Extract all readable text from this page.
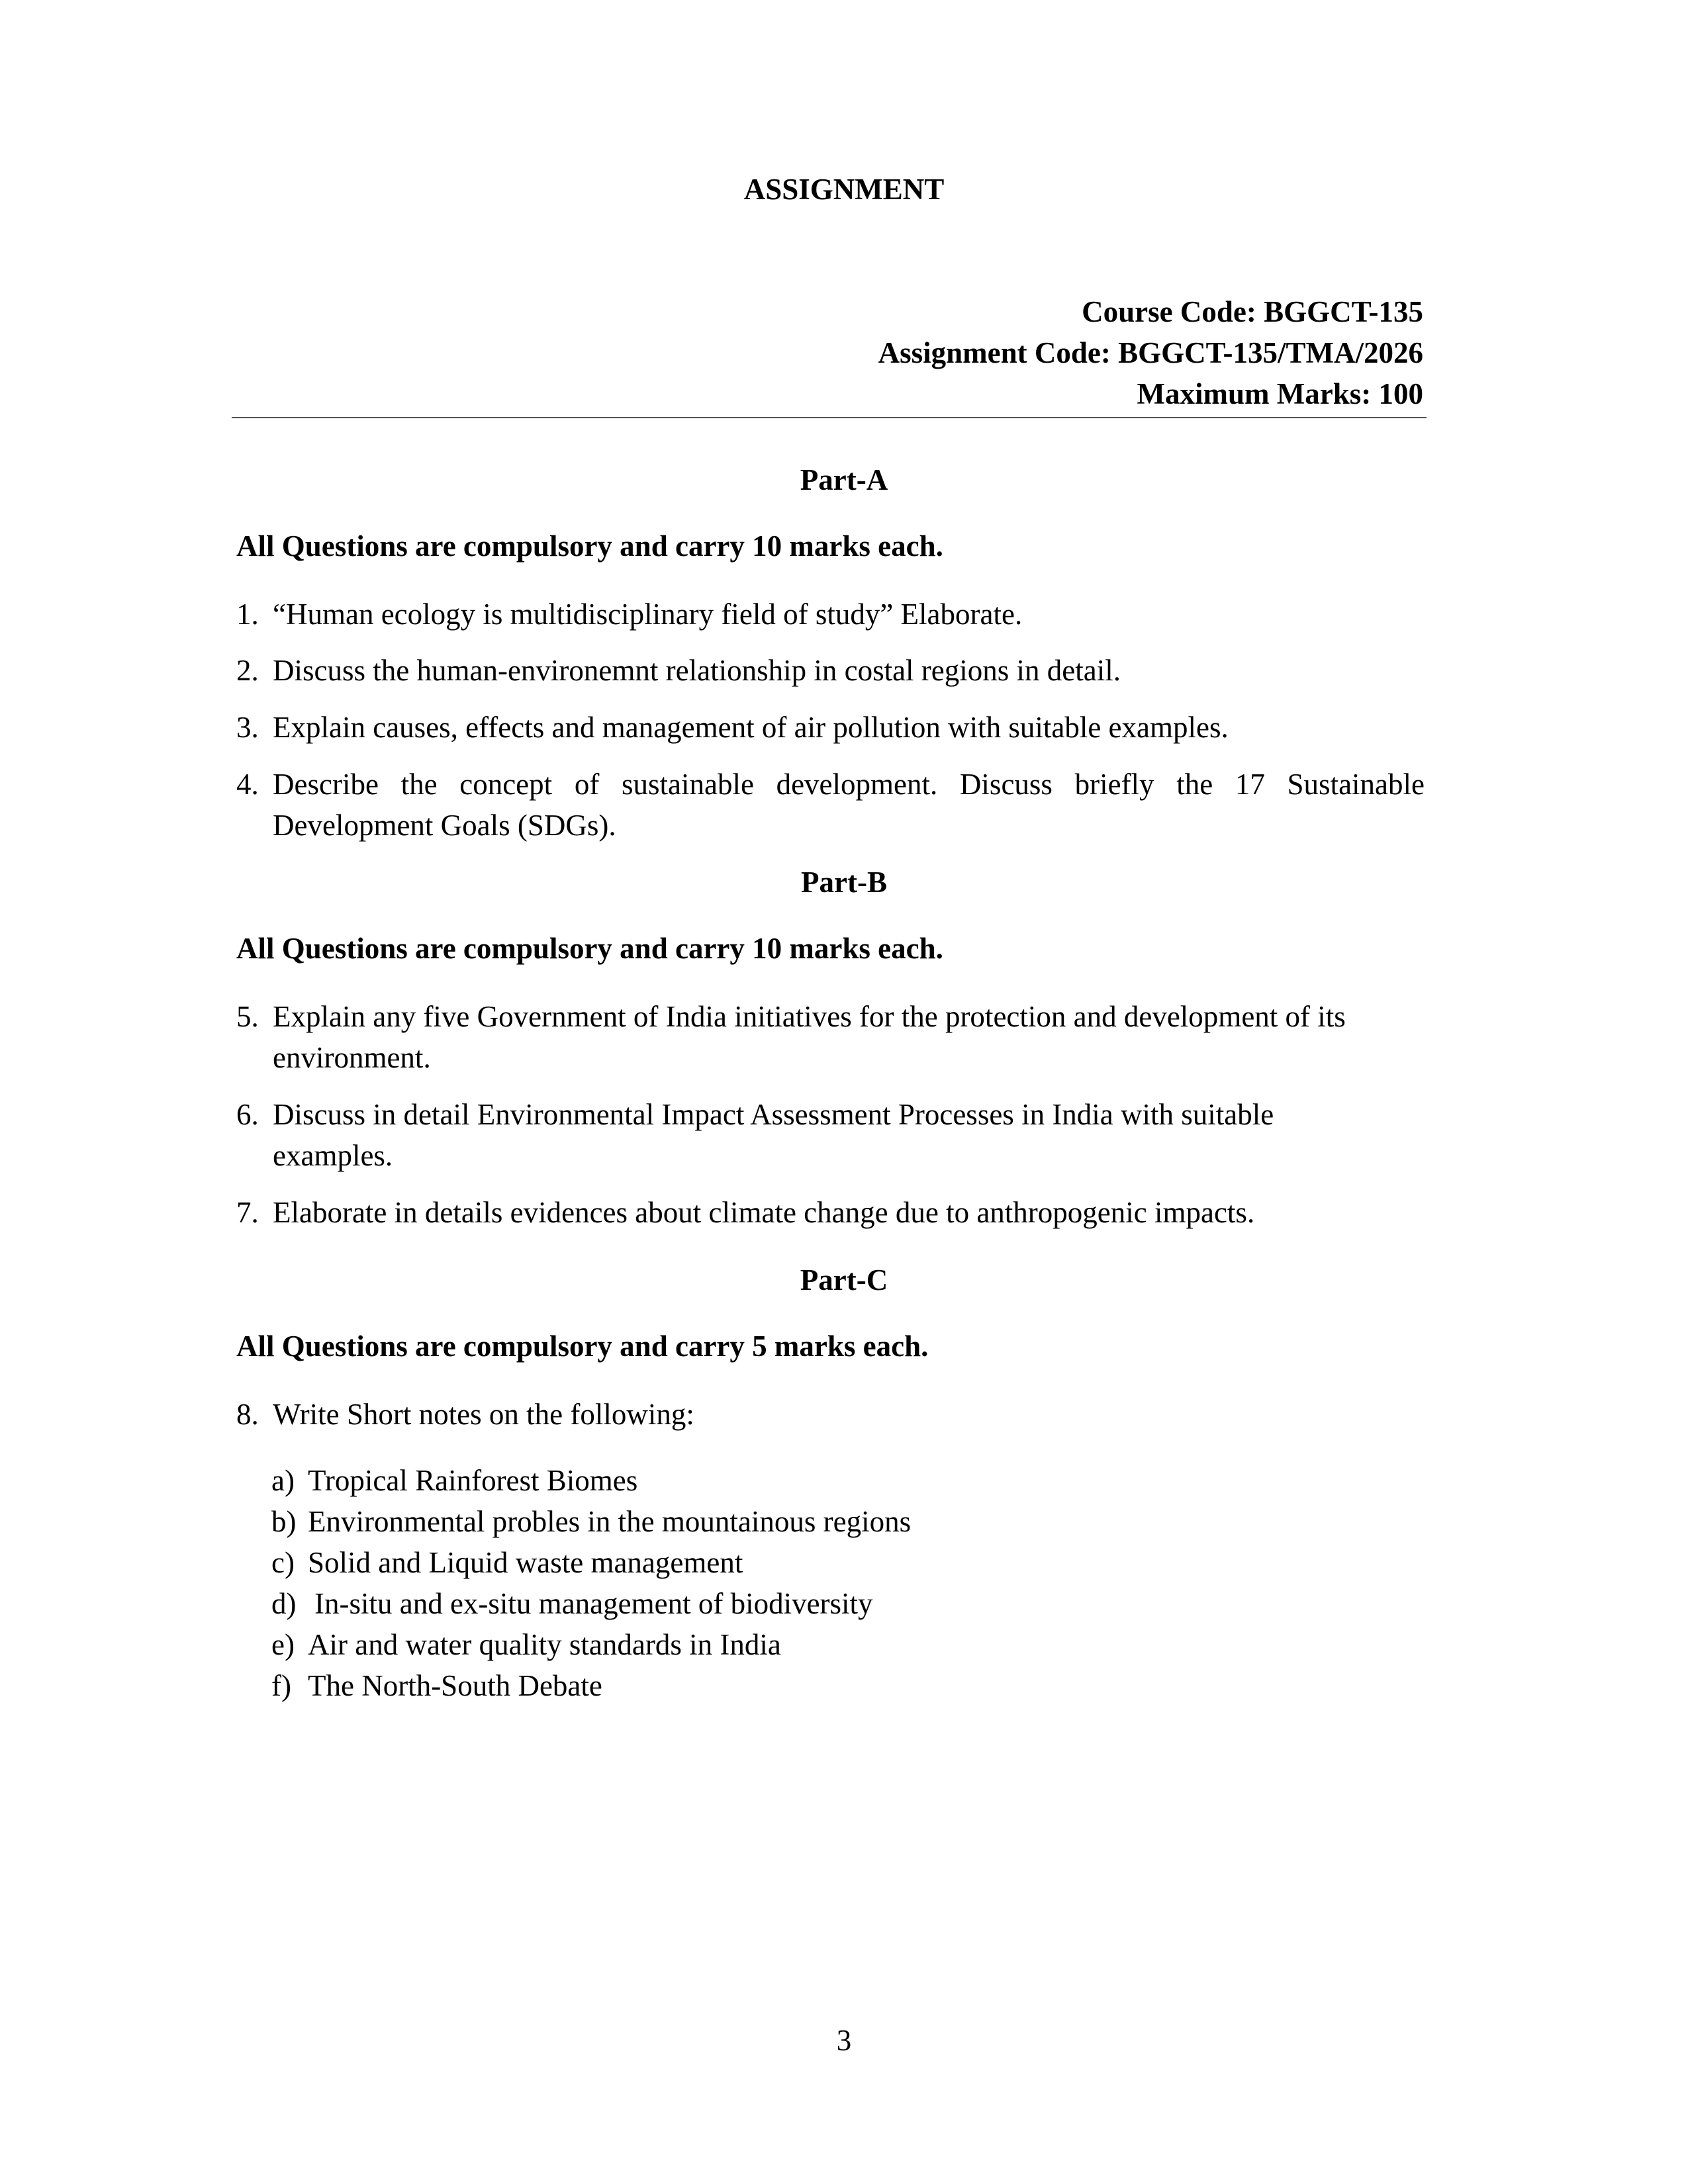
ASSIGNMENT
Course Code: BGGCT-135
Assignment Code: BGGCT-135/TMA/2026
Maximum Marks: 100
Part-A
All Questions are compulsory and carry 10 marks each.
1. “Human ecology is multidisciplinary field of study” Elaborate.
2. Discuss the human-environemnt relationship in costal regions in detail.
3. Explain causes, effects and management of air pollution with suitable examples.
4. Describe the concept of sustainable development. Discuss briefly the 17 Sustainable Development Goals (SDGs).
Part-B
All Questions are compulsory and carry 10 marks each.
5. Explain any five Government of India initiatives for the protection and development of its environment.
6. Discuss in detail Environmental Impact Assessment Processes in India with suitable examples.
7. Elaborate in details evidences about climate change due to anthropogenic impacts.
Part-C
All Questions are compulsory and carry 5 marks each.
8. Write Short notes on the following:
a) Tropical Rainforest Biomes
b) Environmental probles in the mountainous regions
c) Solid and Liquid waste management
d) In-situ and ex-situ management of biodiversity
e) Air and water quality standards in India
f) The North-South Debate
3
